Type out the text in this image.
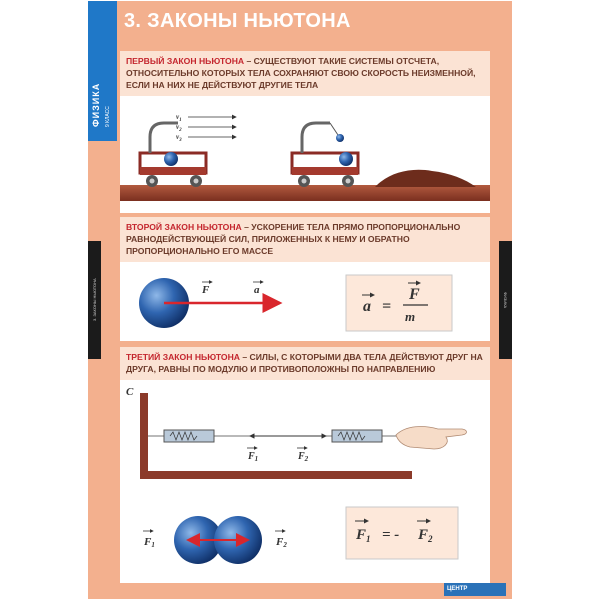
ФИЗИКА 9 КЛАСС
3. ЗАКОНЫ НЬЮТОНА	ФИЗИКА
3. ЗАКОНЫ НЬЮТОНА
ПЕРВЫЙ ЗАКОН НЬЮТОНА – СУЩЕСТВУЮТ ТАКИЕ СИСТЕМЫ ОТСЧЕТА, ОТНОСИТЕЛЬНО КОТОРЫХ ТЕЛА СОХРАНЯЮТ СВОЮ СКОРОСТЬ НЕИЗМЕННОЙ, ЕСЛИ НА НИХ НЕ ДЕЙСТВУЮТ ДРУГИЕ ТЕЛА
$v_1$
$v_2$
$v_3$
ВТОРОЙ ЗАКОН НЬЮТОНА – УСКОРЕНИЕ ТЕЛА ПРЯМО ПРОПОРЦИОНАЛЬНО РАВНОДЕЙСТВУЮЩЕЙ СИЛ, ПРИЛОЖЕННЫХ К НЕМУ И ОБРАТНО ПРОПОРЦИОНАЛЬНО ЕГО МАССЕ
F	a
a =
F
m
ТРЕТИЙ ЗАКОН НЬЮТОНА – СИЛЫ, С КОТОРЫМИ ДВА ТЕЛА ДЕЙСТВУЮТ ДРУГ НА ДРУГА, РАВНЫ ПО МОДУЛЮ И ПРОТИВОПОЛОЖНЫ ПО НАПРАВЛЕНИЮ
C
$F_1$	$F_2$
F1	F2
$F_1$ = - $F_2$
ЦЕНТР
